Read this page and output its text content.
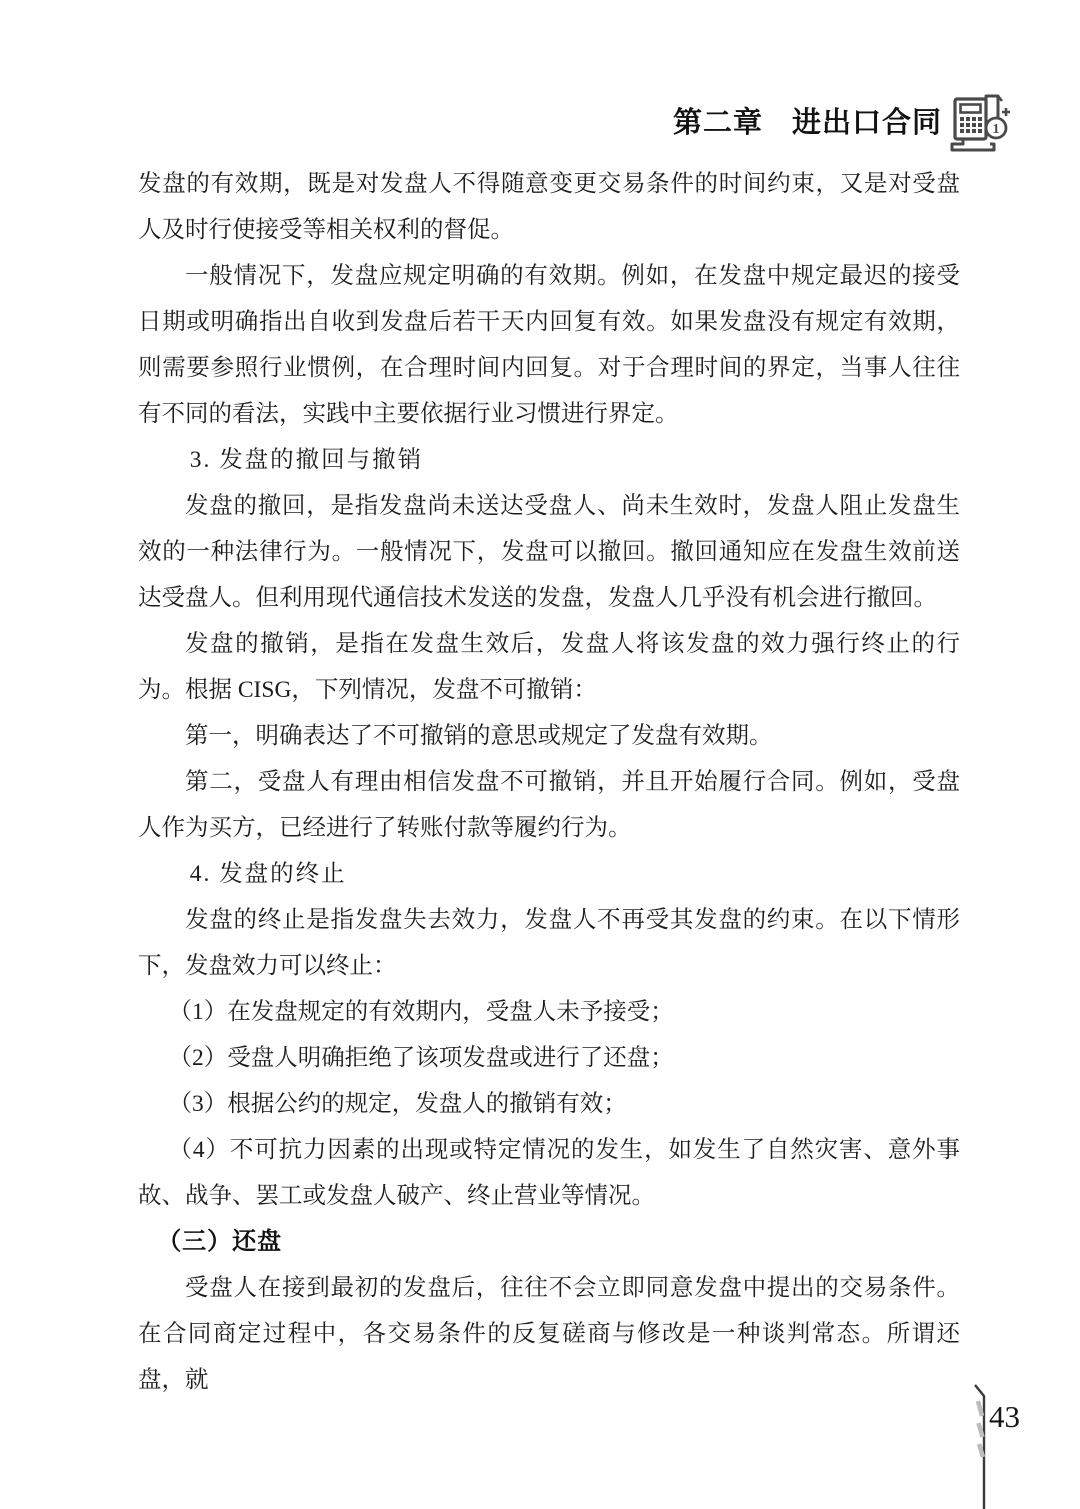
第二章 进出口合同	1

发盘的有效期，既是对发盘人不得随意变更交易条件的时间约束，又是对受盘人及时行使接受等相关权利的督促。

一般情况下，发盘应规定明确的有效期。例如，在发盘中规定最迟的接受日期或明确指出自收到发盘后若干天内回复有效。如果发盘没有规定有效期，则需要参照行业惯例，在合理时间内回复。对于合理时间的界定，当事人往往有不同的看法，实践中主要依据行业习惯进行界定。

3. 发盘的撤回与撤销

发盘的撤回，是指发盘尚未送达受盘人、尚未生效时，发盘人阻止发盘生效的一种法律行为。一般情况下，发盘可以撤回。撤回通知应在发盘生效前送达受盘人。但利用现代通信技术发送的发盘，发盘人几乎没有机会进行撤回。

发盘的撤销，是指在发盘生效后，发盘人将该发盘的效力强行终止的行为。根据 CISG，下列情况，发盘不可撤销：

第一，明确表达了不可撤销的意思或规定了发盘有效期。

第二，受盘人有理由相信发盘不可撤销，并且开始履行合同。例如，受盘人作为买方，已经进行了转账付款等履约行为。

4. 发盘的终止

发盘的终止是指发盘失去效力，发盘人不再受其发盘的约束。在以下情形下，发盘效力可以终止：

（1）在发盘规定的有效期内，受盘人未予接受；

（2）受盘人明确拒绝了该项发盘或进行了还盘；

（3）根据公约的规定，发盘人的撤销有效；

（4）不可抗力因素的出现或特定情况的发生，如发生了自然灾害、意外事故、战争、罢工或发盘人破产、终止营业等情况。

（三）还盘

受盘人在接到最初的发盘后，往往不会立即同意发盘中提出的交易条件。在合同商定过程中，各交易条件的反复磋商与修改是一种谈判常态。所谓还盘，就

43
